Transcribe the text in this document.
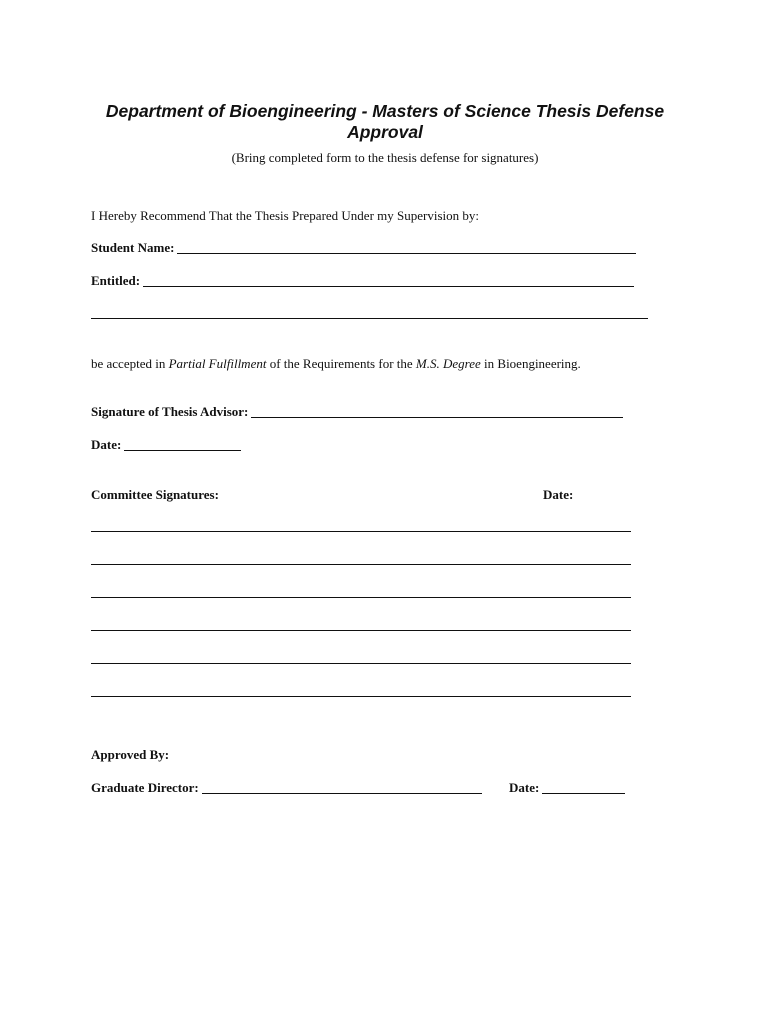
Department of Bioengineering - Masters of Science Thesis Defense
Approval
(Bring completed form to the thesis defense for signatures)
I Hereby Recommend That the Thesis Prepared Under my Supervision by:
Student Name:
Entitled:
be accepted in Partial Fulfillment of the Requirements for the M.S. Degree in Bioengineering.
Signature of Thesis Advisor:
Date:
Committee Signatures:	Date:
Approved By:
Graduate Director:	Date:
